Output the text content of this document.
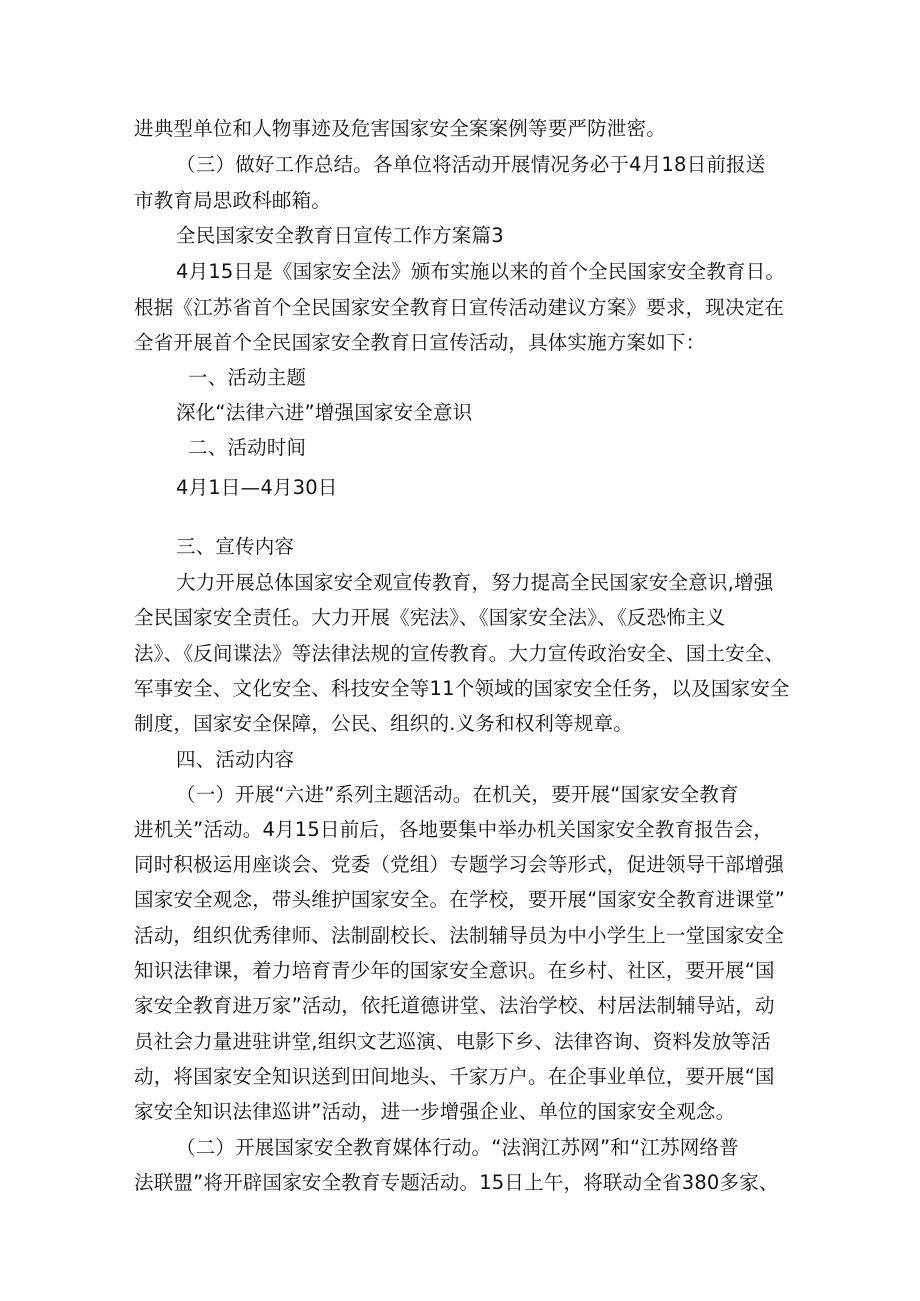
进典型单位和人物事迹及危害国家安全案案例等要严防泄密。
（三）做好工作总结。各单位将活动开展情况务必于4月18日前报送
市教育局思政科邮箱。
全民国家安全教育日宣传工作方案篇3
4月15日是《国家安全法》颁布实施以来的首个全民国家安全教育日。
根据《江苏省首个全民国家安全教育日宣传活动建议方案》要求，现决定在
全省开展首个全民国家安全教育日宣传活动，具体实施方案如下：
一、活动主题
深化“法律六进”增强国家安全意识
二、活动时间
4月1日—4月30日
三、宣传内容
大力开展总体国家安全观宣传教育，努力提高全民国家安全意识,增强
全民国家安全责任。大力开展《宪法》、《国家安全法》、《反恐怖主义
法》、《反间谍法》等法律法规的宣传教育。大力宣传政治安全、国土安全、
军事安全、文化安全、科技安全等11个领域的国家安全任务，以及国家安全
制度，国家安全保障，公民、组织的.义务和权利等规章。
四、活动内容
（一）开展“六进”系列主题活动。在机关，要开展“国家安全教育
进机关”活动。4月15日前后，各地要集中举办机关国家安全教育报告会，
同时积极运用座谈会、党委（党组）专题学习会等形式，促进领导干部增强
国家安全观念，带头维护国家安全。在学校，要开展“国家安全教育进课堂”
活动，组织优秀律师、法制副校长、法制辅导员为中小学生上一堂国家安全
知识法律课，着力培育青少年的国家安全意识。在乡村、社区，要开展“国
家安全教育进万家”活动，依托道德讲堂、法治学校、村居法制辅导站，动
员社会力量进驻讲堂,组织文艺巡演、电影下乡、法律咨询、资料发放等活
动，将国家安全知识送到田间地头、千家万户。在企事业单位，要开展“国
家安全知识法律巡讲”活动，进一步增强企业、单位的国家安全观念。
（二）开展国家安全教育媒体行动。“法润江苏网”和“江苏网络普
法联盟”将开辟国家安全教育专题活动。15日上午，将联动全省380多家、
